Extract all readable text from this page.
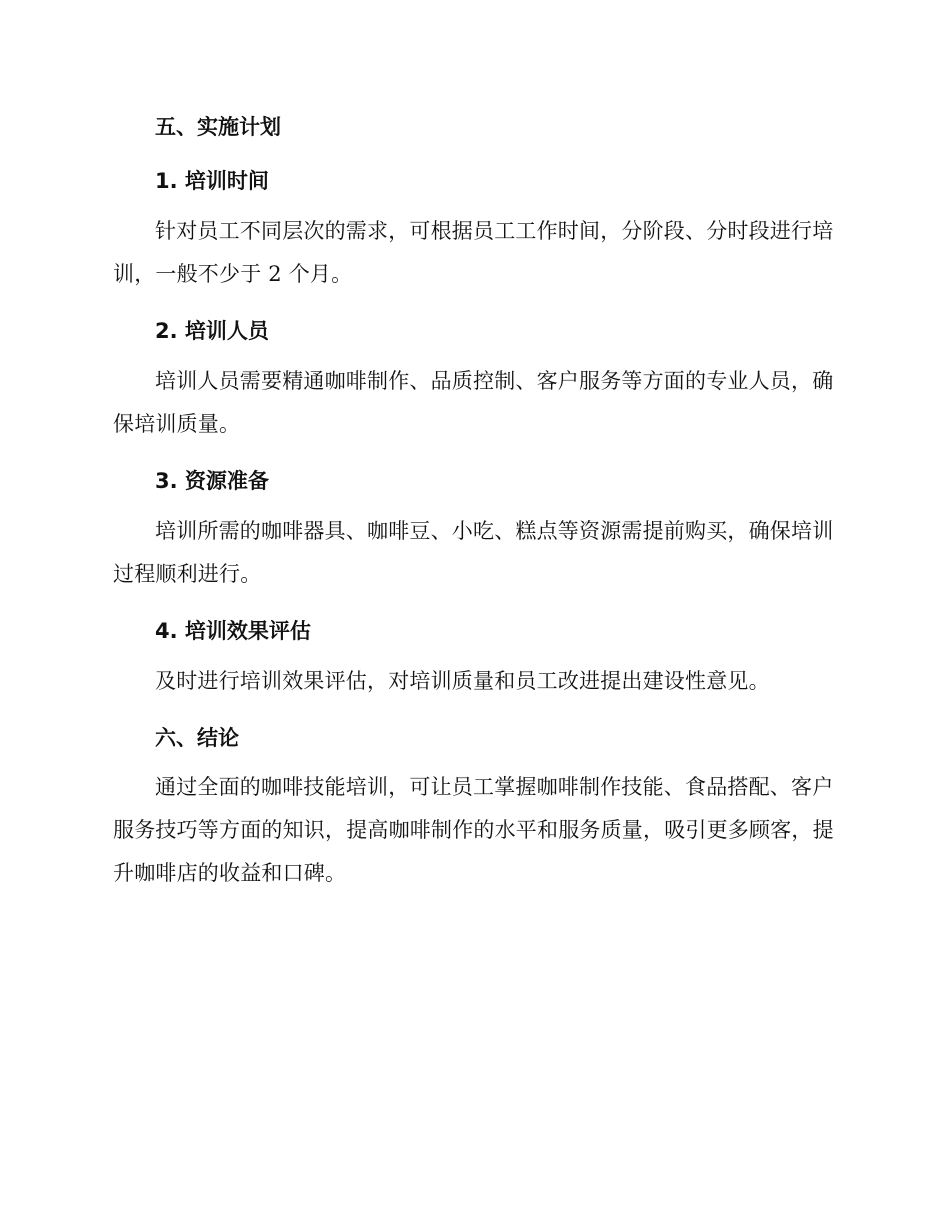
五、实施计划
1. 培训时间

针对员工不同层次的需求，可根据员工工作时间，分阶段、分时段进行培训，一般不少于 2 个月。

2. 培训人员

培训人员需要精通咖啡制作、品质控制、客户服务等方面的专业人员，确保培训质量。

3. 资源准备

培训所需的咖啡器具、咖啡豆、小吃、糕点等资源需提前购买，确保培训过程顺利进行。

4. 培训效果评估

及时进行培训效果评估，对培训质量和员工改进提出建设性意见。

六、结论

通过全面的咖啡技能培训，可让员工掌握咖啡制作技能、食品搭配、客户服务技巧等方面的知识，提高咖啡制作的水平和服务质量，吸引更多顾客，提升咖啡店的收益和口碑。
